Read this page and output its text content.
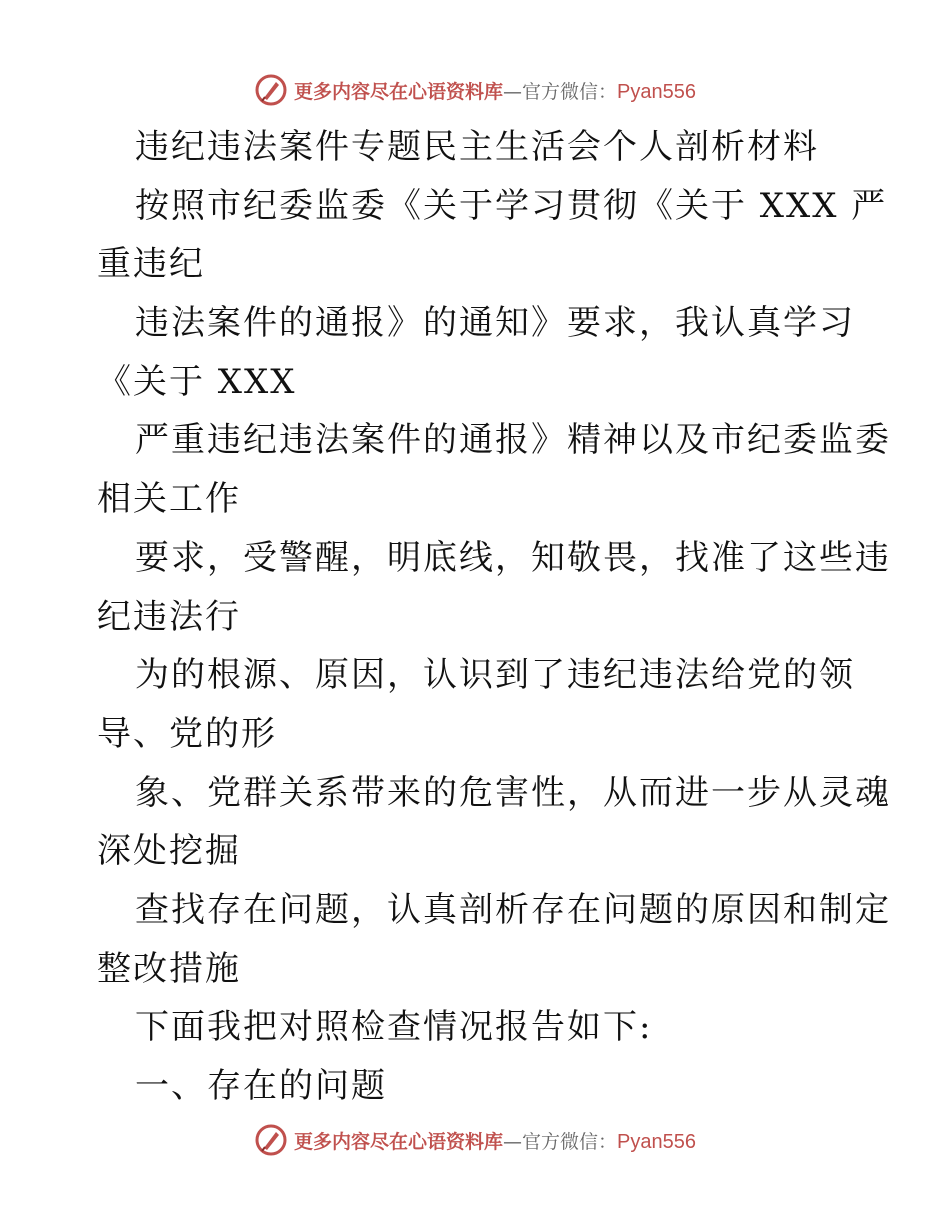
更多内容尽在心语资料库 —官方微信： Pyan556
违纪违法案件专题民主生活会个人剖析材料
按照市纪委监委《关于学习贯彻《关于 XXX 严
重违纪
违法案件的通报》的通知》要求，我认真学习
《关于 XXX
严重违纪违法案件的通报》精神以及市纪委监委
相关工作
要求，受警醒，明底线，知敬畏，找准了这些违
纪违法行
为的根源、原因，认识到了违纪违法给党的领
导、党的形
象、党群关系带来的危害性，从而进一步从灵魂
深处挖掘
查找存在问题，认真剖析存在问题的原因和制定
整改措施
下面我把对照检查情况报告如下:
一、存在的问题
更多内容尽在心语资料库 —官方微信： Pyan556
